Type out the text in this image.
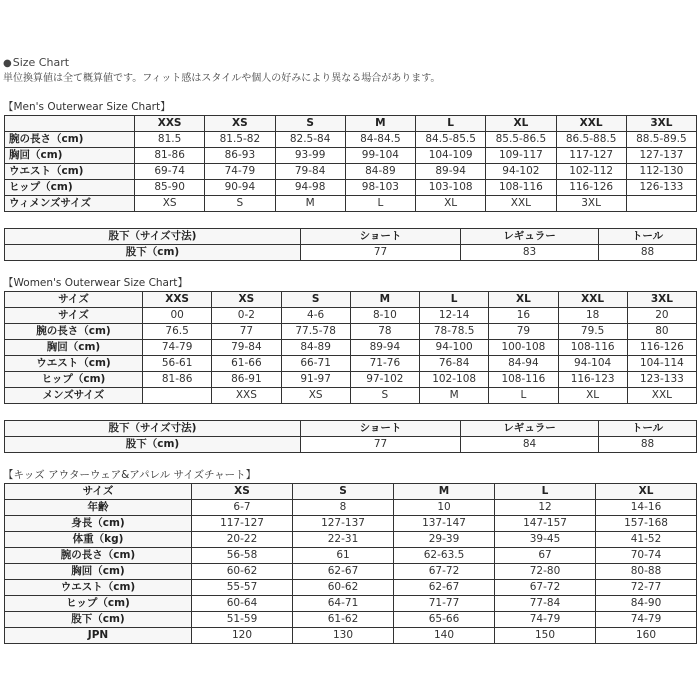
●Size Chart
単位換算値は全て概算値です。フィット感はスタイルや個人の好みにより異なる場合があります。
【Men's Outerwear Size Chart】
	XXS	XS	S	M	L	XL	XXL	3XL
腕の長さ（cm)	81.5	81.5-82	82.5-84	84-84.5	84.5-85.5	85.5-86.5	86.5-88.5	88.5-89.5
胸回（cm)	81-86	86-93	93-99	99-104	104-109	109-117	117-127	127-137
ウエスト（cm)	69-74	74-79	79-84	84-89	89-94	94-102	102-112	112-130
ヒップ（cm)	85-90	90-94	94-98	98-103	103-108	108-116	116-126	126-133
ウィメンズサイズ	XS	S	M	L	XL	XXL	3XL	
股下（サイズ寸法)	ショート	レギュラー	トール
股下（cm)	77	83	88
【Women's Outerwear Size Chart】
サイズ	XXS	XS	S	M	L	XL	XXL	3XL
サイズ	00	0-2	4-6	8-10	12-14	16	18	20
腕の長さ（cm)	76.5	77	77.5-78	78	78-78.5	79	79.5	80
胸回（cm)	74-79	79-84	84-89	89-94	94-100	100-108	108-116	116-126
ウエスト（cm)	56-61	61-66	66-71	71-76	76-84	84-94	94-104	104-114
ヒップ（cm)	81-86	86-91	91-97	97-102	102-108	108-116	116-123	123-133
メンズサイズ		XXS	XS	S	M	L	XL	XXL
股下（サイズ寸法)	ショート	レギュラー	トール
股下（cm)	77	84	88
【キッズ アウターウェア&アパレル サイズチャート】
サイズ	XS	S	M	L	XL
年齢	6-7	8	10	12	14-16
身長（cm)	117-127	127-137	137-147	147-157	157-168
体重（kg)	20-22	22-31	29-39	39-45	41-52
腕の長さ（cm)	56-58	61	62-63.5	67	70-74
胸回（cm)	60-62	62-67	67-72	72-80	80-88
ウエスト（cm)	55-57	60-62	62-67	67-72	72-77
ヒップ（cm)	60-64	64-71	71-77	77-84	84-90
股下（cm)	51-59	61-62	65-66	74-79	74-79
JPN	120	130	140	150	160
